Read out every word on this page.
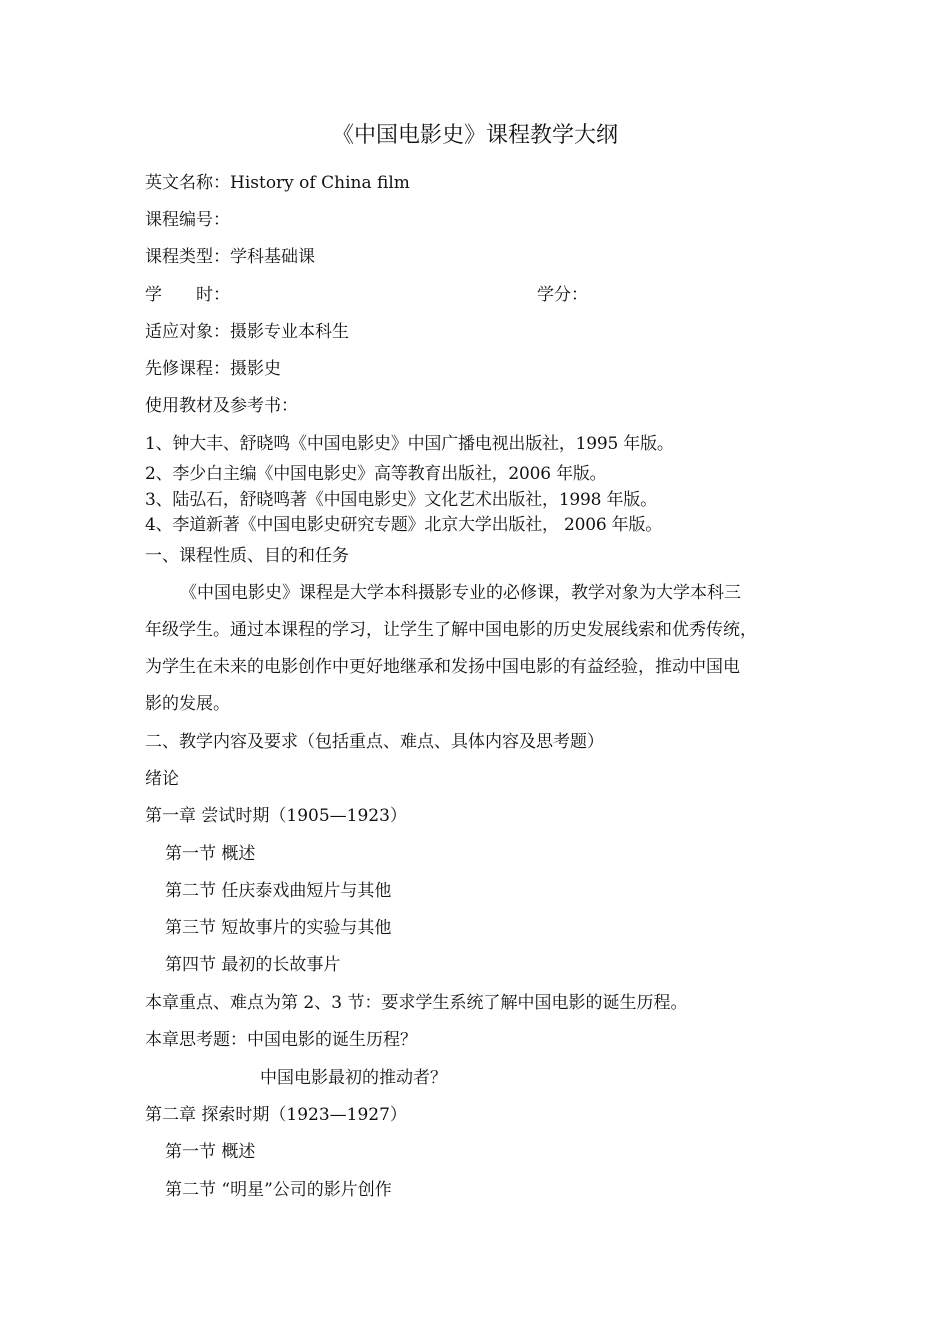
《中国电影史》课程教学大纲
英文名称：History of China film
课程编号：
课程类型：学科基础课
学　　时：	学分：
适应对象：摄影专业本科生
先修课程：摄影史
使用教材及参考书：
1、钟大丰、舒晓鸣《中国电影史》中国广播电视出版社，1995 年版。
2、李少白主编《中国电影史》高等教育出版社，2006 年版。
3、陆弘石，舒晓鸣著《中国电影史》文化艺术出版社，1998 年版。
4、李道新著《中国电影史研究专题》北京大学出版社， 2006 年版。
一、课程性质、目的和任务
《中国电影史》课程是大学本科摄影专业的必修课，教学对象为大学本科三
年级学生。通过本课程的学习，让学生了解中国电影的历史发展线索和优秀传统，
为学生在未来的电影创作中更好地继承和发扬中国电影的有益经验，推动中国电
影的发展。
二、教学内容及要求（包括重点、难点、具体内容及思考题）
绪论
第一章 尝试时期（1905—1923）
第一节 概述
第二节 任庆泰戏曲短片与其他
第三节 短故事片的实验与其他
第四节 最初的长故事片
本章重点、难点为第 2、3 节：要求学生系统了解中国电影的诞生历程。
本章思考题：中国电影的诞生历程？
中国电影最初的推动者？
第二章 探索时期（1923—1927）
第一节 概述
第二节 “明星”公司的影片创作
